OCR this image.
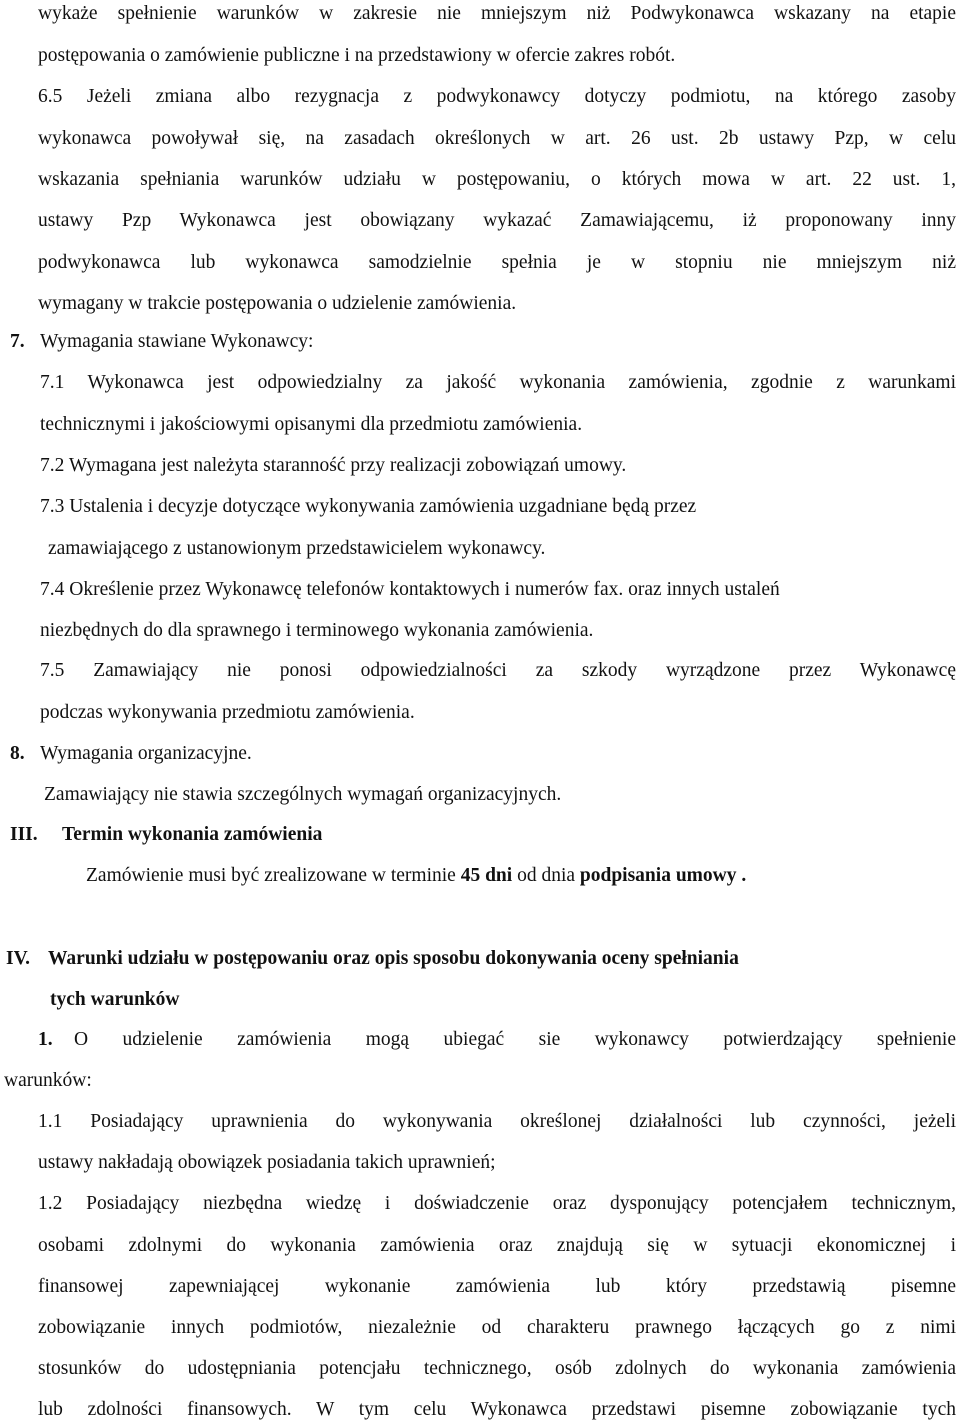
wykaże spełnienie warunków w zakresie nie mniejszym niż Podwykonawca wskazany na etapie
postępowania o zamówienie publiczne i na przedstawiony w ofercie zakres robót.
6.5 Jeżeli zmiana albo rezygnacja z podwykonawcy dotyczy podmiotu, na którego zasoby
wykonawca powoływał się, na zasadach określonych w art. 26 ust. 2b ustawy Pzp, w celu
wskazania spełniania warunków udziału w postępowaniu, o których mowa w art. 22 ust. 1,
ustawy Pzp Wykonawca jest obowiązany wykazać Zamawiającemu, iż proponowany inny
podwykonawca lub wykonawca samodzielnie spełnia je w stopniu nie mniejszym niż
wymagany w trakcie postępowania o udzielenie zamówienia.
7. Wymagania stawiane Wykonawcy:
7.1 Wykonawca jest odpowiedzialny za jakość wykonania zamówienia, zgodnie z warunkami
technicznymi i jakościowymi opisanymi dla przedmiotu zamówienia.
7.2 Wymagana jest należyta staranność przy realizacji zobowiązań umowy.
7.3 Ustalenia i decyzje dotyczące wykonywania zamówienia uzgadniane będą przez
zamawiającego z ustanowionym przedstawicielem wykonawcy.
7.4 Określenie przez Wykonawcę telefonów kontaktowych i numerów fax. oraz innych ustaleń
niezbędnych do dla sprawnego i terminowego wykonania zamówienia.
7.5 Zamawiający nie ponosi odpowiedzialności za szkody wyrządzone przez Wykonawcę
podczas wykonywania przedmiotu zamówienia.
8. Wymagania organizacyjne.
Zamawiający nie stawia szczególnych wymagań organizacyjnych.
III. Termin wykonania zamówienia
Zamówienie musi być zrealizowane w terminie 45 dni od dnia podpisania umowy .
IV. Warunki udziału w postępowaniu oraz opis sposobu dokonywania oceny spełniania
tych warunków
1. O udzielenie zamówienia mogą ubiegać sie wykonawcy potwierdzający spełnienie
warunków:
1.1 Posiadający uprawnienia do wykonywania określonej działalności lub czynności, jeżeli
ustawy nakładają obowiązek posiadania takich uprawnień;
1.2 Posiadający niezbędna wiedzę i doświadczenie oraz dysponujący potencjałem technicznym,
osobami zdolnymi do wykonania zamówienia oraz znajdują się w sytuacji ekonomicznej i
finansowej zapewniającej wykonanie zamówienia lub który przedstawią pisemne
zobowiązanie innych podmiotów, niezależnie od charakteru prawnego łączących go z nimi
stosunków do udostępniania potencjału technicznego, osób zdolnych do wykonania zamówienia
lub zdolności finansowych. W tym celu Wykonawca przedstawi pisemne zobowiązanie tych
